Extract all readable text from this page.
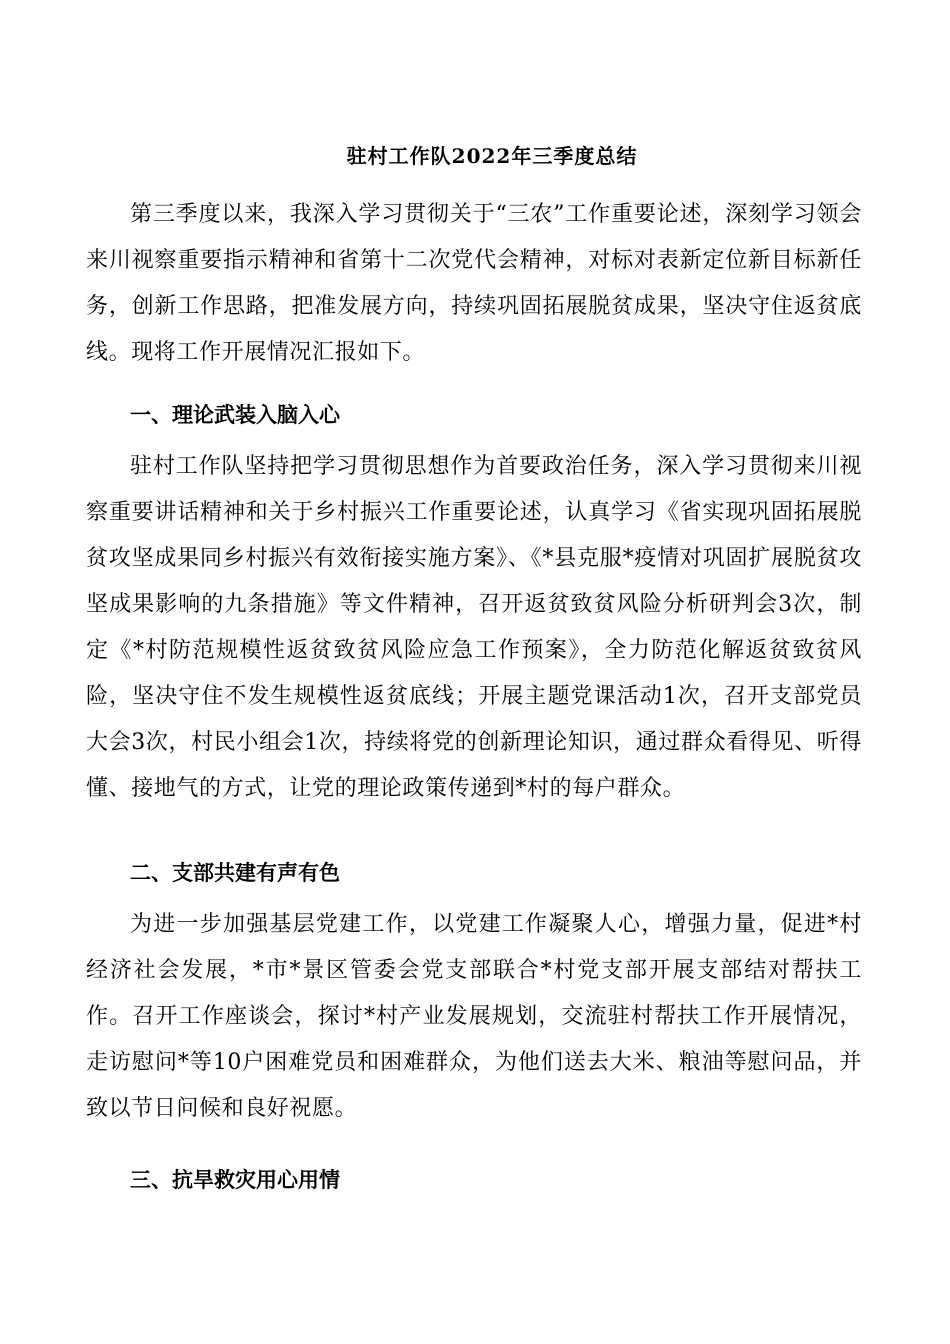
驻村工作队2022年三季度总结

第三季度以来，我深入学习贯彻关于“三农”工作重要论述，深刻学习领会来川视察重要指示精神和省第十二次党代会精神，对标对表新定位新目标新任务，创新工作思路，把准发展方向，持续巩固拓展脱贫成果，坚决守住返贫底线。现将工作开展情况汇报如下。

一、理论武装入脑入心

驻村工作队坚持把学习贯彻思想作为首要政治任务，深入学习贯彻来川视察重要讲话精神和关于乡村振兴工作重要论述，认真学习《省实现巩固拓展脱贫攻坚成果同乡村振兴有效衔接实施方案》、《*县克服*疫情对巩固扩展脱贫攻坚成果影响的九条措施》等文件精神，召开返贫致贫风险分析研判会3次，制定《*村防范规模性返贫致贫风险应急工作预案》，全力防范化解返贫致贫风险，坚决守住不发生规模性返贫底线；开展主题党课活动1次，召开支部党员大会3次，村民小组会1次，持续将党的创新理论知识，通过群众看得见、听得懂、接地气的方式，让党的理论政策传递到*村的每户群众。

二、支部共建有声有色

为进一步加强基层党建工作，以党建工作凝聚人心，增强力量，促进*村经济社会发展，*市*景区管委会党支部联合*村党支部开展支部结对帮扶工作。召开工作座谈会，探讨*村产业发展规划，交流驻村帮扶工作开展情况，走访慰问*等10户困难党员和困难群众，为他们送去大米、粮油等慰问品，并致以节日问候和良好祝愿。

三、抗旱救灾用心用情
